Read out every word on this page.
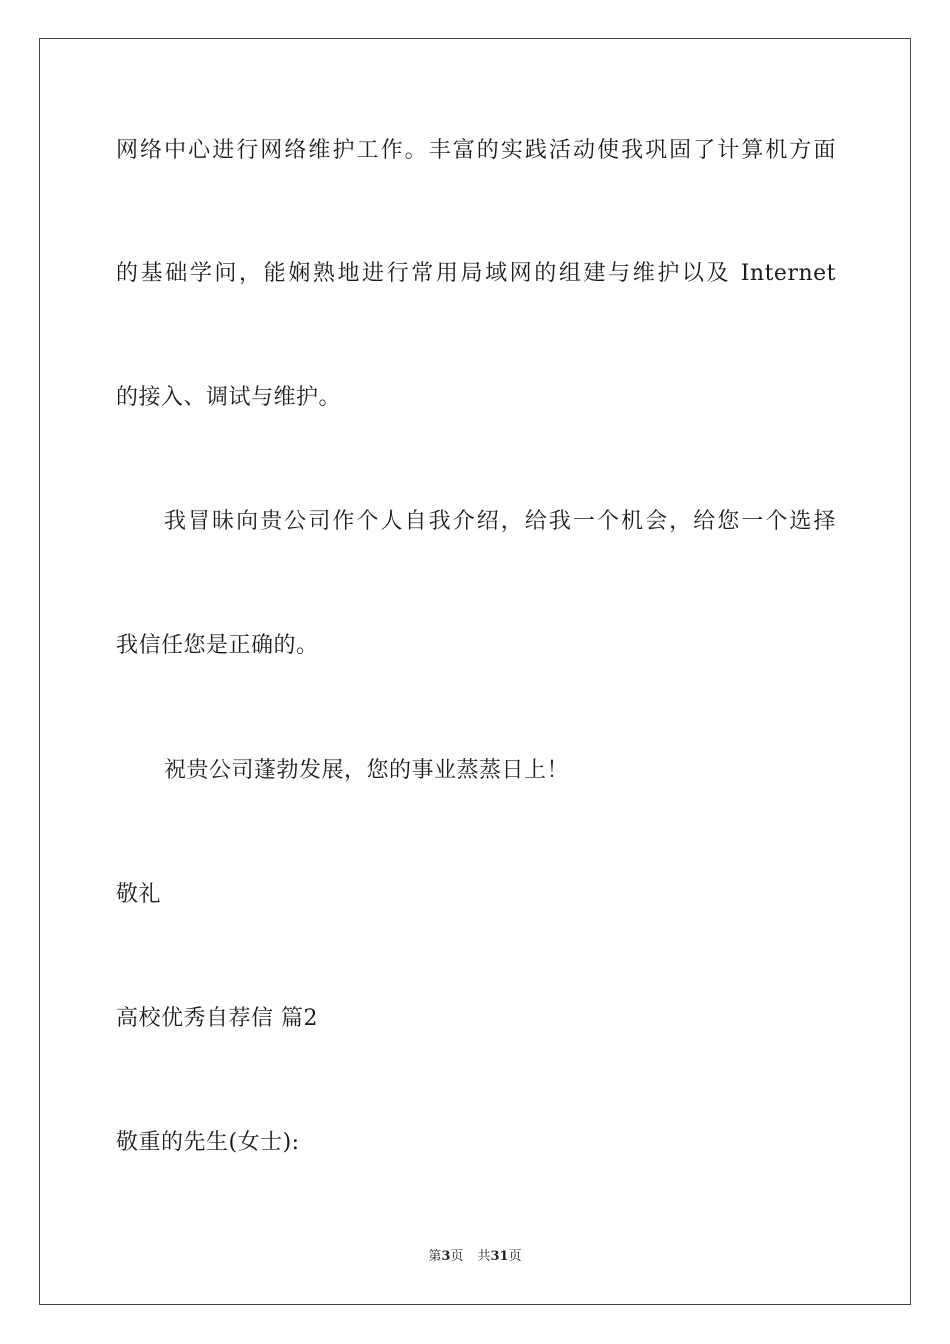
网络中心进行网络维护工作。丰富的实践活动使我巩固了计算机方面
的基础学问，能娴熟地进行常用局域网的组建与维护以及 Internet
的接入、调试与维护。
我冒昧向贵公司作个人自我介绍，给我一个机会，给您一个选择
我信任您是正确的。
祝贵公司蓬勃发展，您的事业蒸蒸日上！
敬礼
高校优秀自荐信 篇2
敬重的先生(女士):
第3页 共31页
